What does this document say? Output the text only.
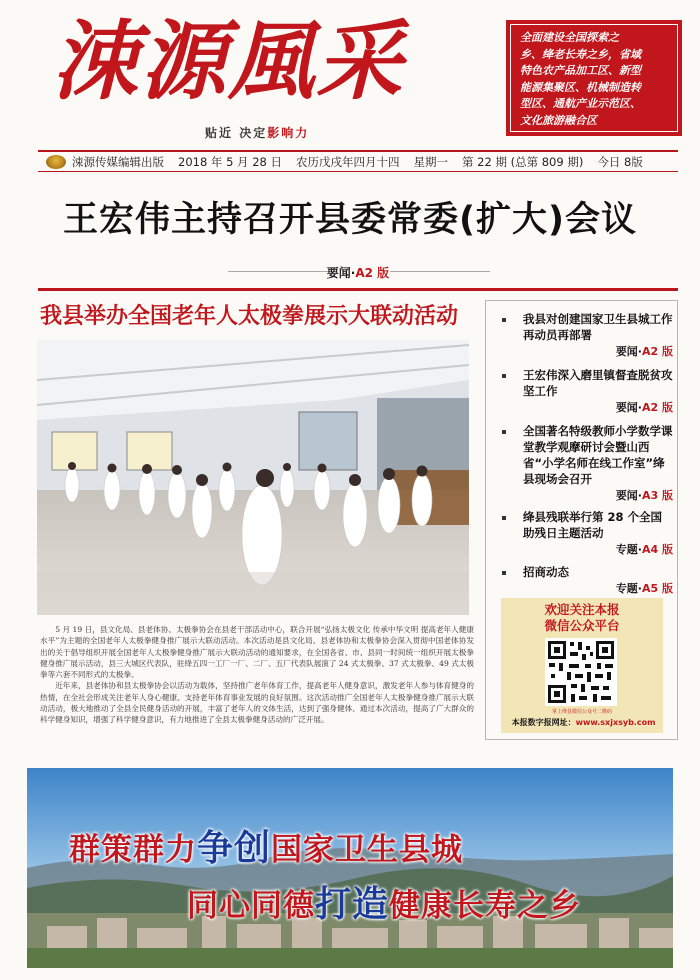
涑源風采
贴近 决定影响力
全面建设全国探索之
乡、绛老长寿之乡，省域
特色农产品加工区、新型
能源集聚区、机械制造转
型区、通航产业示范区、
文化旅游融合区
涑源传媒编辑出版 2018 年 5 月 28 日 农历戊戌年四月十四 星期一 第 22 期 (总第 809 期) 今日 8版
王宏伟主持召开县委常委(扩大)会议
要闻·A2 版
我县举办全国老年人太极拳展示大联动活动

5 月 19 日，县文化局、县老体协、太极拳协会在县老干部活动中心，联合开展“弘扬太极文化 传承中华文明 提高老年人健康水平”为主题的全国老年人太极拳健身推广展示大联动活动。本次活动是县文化局、县老体协和太极拳协会深入贯彻中国老体协发出的关于倡导组织开展全国老年人太极拳健身推广展示大联动活动的通知要求，在全国各省、市、县同一时间统一组织开展太极拳健身推广展示活动，县三大城区代表队，驻绛五四一工厂一厂、二厂、五厂代表队展演了 24 式太极拳、37 式太极拳、49 式太极拳等六套不同形式的太极拳。

近年来，县老体协和县太极拳协会以活动为载体，坚持推广老年体育工作，提高老年人健身意识，激发老年人参与体育健身的热情，在全社会形成关注老年人身心健康、支持老年体育事业发展的良好氛围。这次活动推广全国老年人太极拳健身推广展示大联动活动，极大地推动了全县全民健身活动的开展，丰富了老年人的文体生活，达到了强身健体、通过本次活动，提高了广大群众的科学健身知识，增强了科学健身意识，有力地推进了全县太极拳健身活动的广泛开展。

我县对创建国家卫生县城工作再动员再部署
要闻·A2 版
王宏伟深入磨里镇督查脱贫攻坚工作
要闻·A2 版
全国著名特级教师小学数学课堂教学观摩研讨会暨山西省“小学名师在线工作室”绛县现场会召开
要闻·A3 版
绛县残联举行第 28 个全国助残日主题活动
专题·A4 版
招商动态
专题·A5 版
欢迎关注本报
微信公众平台
掌上绛县微信公众号二维码
本报数字报网址：www.sxjxsyb.com
群策群力争创国家卫生县城
同心同德打造健康长寿之乡
